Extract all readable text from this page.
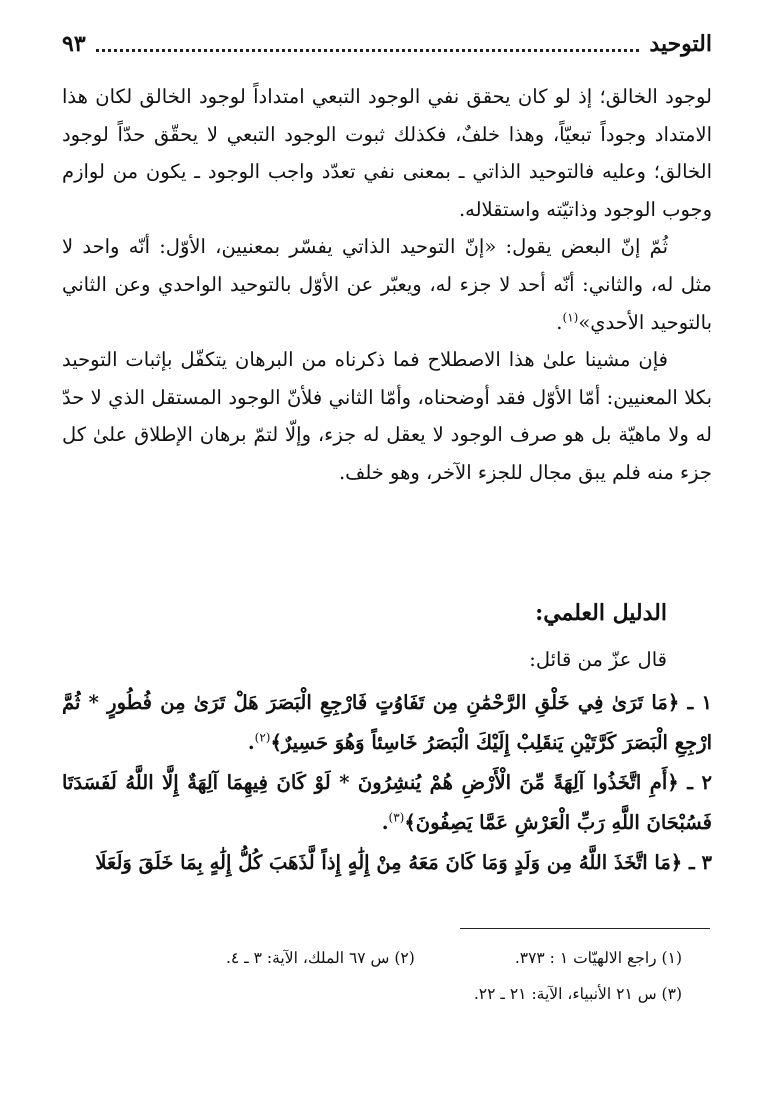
التوحيد
٩٣

لوجود الخالق؛ إذ لو كان يحقق نفي الوجود التبعي امتداداً لوجود الخالق لكان هذا الامتداد وجوداً تبعيّاً، وهذا خلفٌ، فكذلك ثبوت الوجود التبعي لا يحقّق حدّاً لوجود الخالق؛ وعليه فالتوحيد الذاتي ـ بمعنى نفي تعدّد واجب الوجود ـ يكون من لوازم وجوب الوجود وذاتيّته واستقلاله.

ثُمّ إنّ البعض يقول: «إنّ التوحيد الذاتي يفسّر بمعنيين، الأوّل: أنّه واحد لا مثل له، والثاني: أنّه أحد لا جزء له، ويعبّر عن الأوّل بالتوحيد الواحدي وعن الثاني بالتوحيد الأحدي»$^{(١)}$.

فإن مشينا علىٰ هذا الاصطلاح فما ذكرناه من البرهان يتكفّل بإثبات التوحيد بكلا المعنيين: أمّا الأوّل فقد أوضحناه، وأمّا الثاني فلأنّ الوجود المستقل الذي لا حدّ له ولا ماهيّة بل هو صرف الوجود لا يعقل له جزء، وإلّا لتمّ برهان الإطلاق علىٰ كل جزء منه فلم يبق مجال للجزء الآخر، وهو خلف.

الدليل العلمي:
قال عزّ من قائل:

١ ـ ﴿مَا تَرَىٰ فِي خَلْقِ الرَّحْمَٰنِ مِن تَفَاوُتٍ فَارْجِعِ الْبَصَرَ هَلْ تَرَىٰ مِن فُطُورٍ * ثُمَّ ارْجِعِ الْبَصَرَ كَرَّتَيْنِ يَنقَلِبْ إِلَيْكَ الْبَصَرُ خَاسِئاً وَهُوَ حَسِيرٌ﴾$^{(٢)}$.

٢ ـ ﴿أَمِ اتَّخَذُوا آلِهَةً مِّنَ الْأَرْضِ هُمْ يُنشِرُونَ * لَوْ كَانَ فِيهِمَا آلِهَةٌ إِلَّا اللَّهُ لَفَسَدَتَا فَسُبْحَانَ اللَّهِ رَبِّ الْعَرْشِ عَمَّا يَصِفُونَ﴾$^{(٣)}$.

٣ ـ ﴿مَا اتَّخَذَ اللَّهُ مِن وَلَدٍ وَمَا كَانَ مَعَهُ مِنْ إِلَٰهٍ إِذاً لَّذَهَبَ كُلُّ إِلَٰهٍ بِمَا خَلَقَ وَلَعَلَا

(١) راجع الالهيّات ١ : ٣٧٣.
(٢) س ٦٧ الملك، الآية: ٣ ـ ٤.
(٣) س ٢١ الأنبياء، الآية: ٢١ ـ ٢٢.
